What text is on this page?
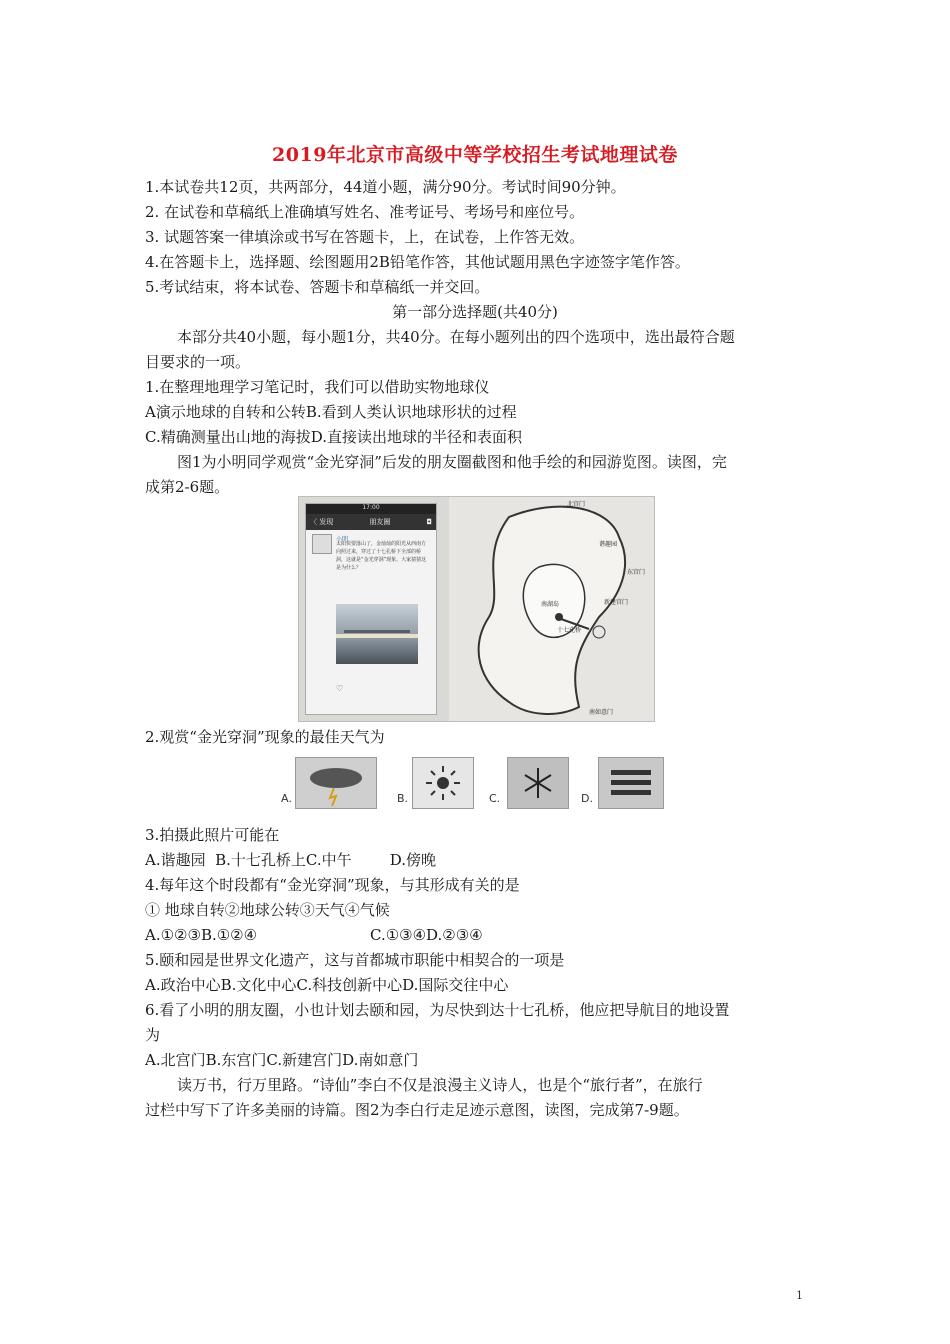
2019年北京市高级中等学校招生考试地理试卷
1.本试卷共12页，共两部分，44道小题，满分90分。考试时间90分钟。
2. 在试卷和草稿纸上准确填写姓名、准考证号、考场号和座位号。
3. 试题答案一律填涂或书写在答题卡，上，在试卷，上作答无效。
4.在答题卡上，选择题、绘图题用2B铅笔作答，其他试题用黑色字迹签字笔作答。
5.考试结束，将本试卷、答题卡和草稿纸一并交回。
第一部分选择题(共40分)
本部分共40小题，每小题1分，共40分。在每小题列出的四个选项中，选出最符合题
目要求的一项。
1.在整理地理学习笔记时，我们可以借助实物地球仪
A演示地球的自转和公转B.看到人类认识地球形状的过程
C.精确测量出山地的海拔D.直接读出地球的半径和表面积
图1为小明同学观赏“金光穿洞”后发的朋友圈截图和他手绘的和园游览图。读图，完
成第2-6题。
17:00
〈 发现	朋友圈	◘
小明
太阳快要落山了，金灿灿的阳光从西南方向照过来，穿过了十七孔桥下全部的桥洞，这就是“金光穿洞”现象。大家猜猜这是为什么？
♡
北宫门
谐趣园
东宫门
南湖岛
十七孔桥
新建宫门
南如意门
2.观赏“金光穿洞”现象的最佳天气为
A.	B.	C.	D.
3.拍摄此照片可能在
A.谐趣园  B.十七孔桥上C.中午        D.傍晚
4.每年这个时段都有“金光穿洞”现象，与其形成有关的是
① 地球自转②地球公转③天气④气候
A.①②③B.①②④	C.①③④D.②③④
5.颐和园是世界文化遗产，这与首都城市职能中相契合的一项是
A.政治中心B.文化中心C.科技创新中心D.国际交往中心
6.看了小明的朋友圈，小也计划去颐和园，为尽快到达十七孔桥，他应把导航目的地设置
为
A.北宫门B.东宫门C.新建宫门D.南如意门
读万书，行万里路。“诗仙”李白不仅是浪漫主义诗人，也是个“旅行者”，在旅行
过栏中写下了许多美丽的诗篇。图2为李白行走足迹示意图，读图，完成第7-9题。
1
